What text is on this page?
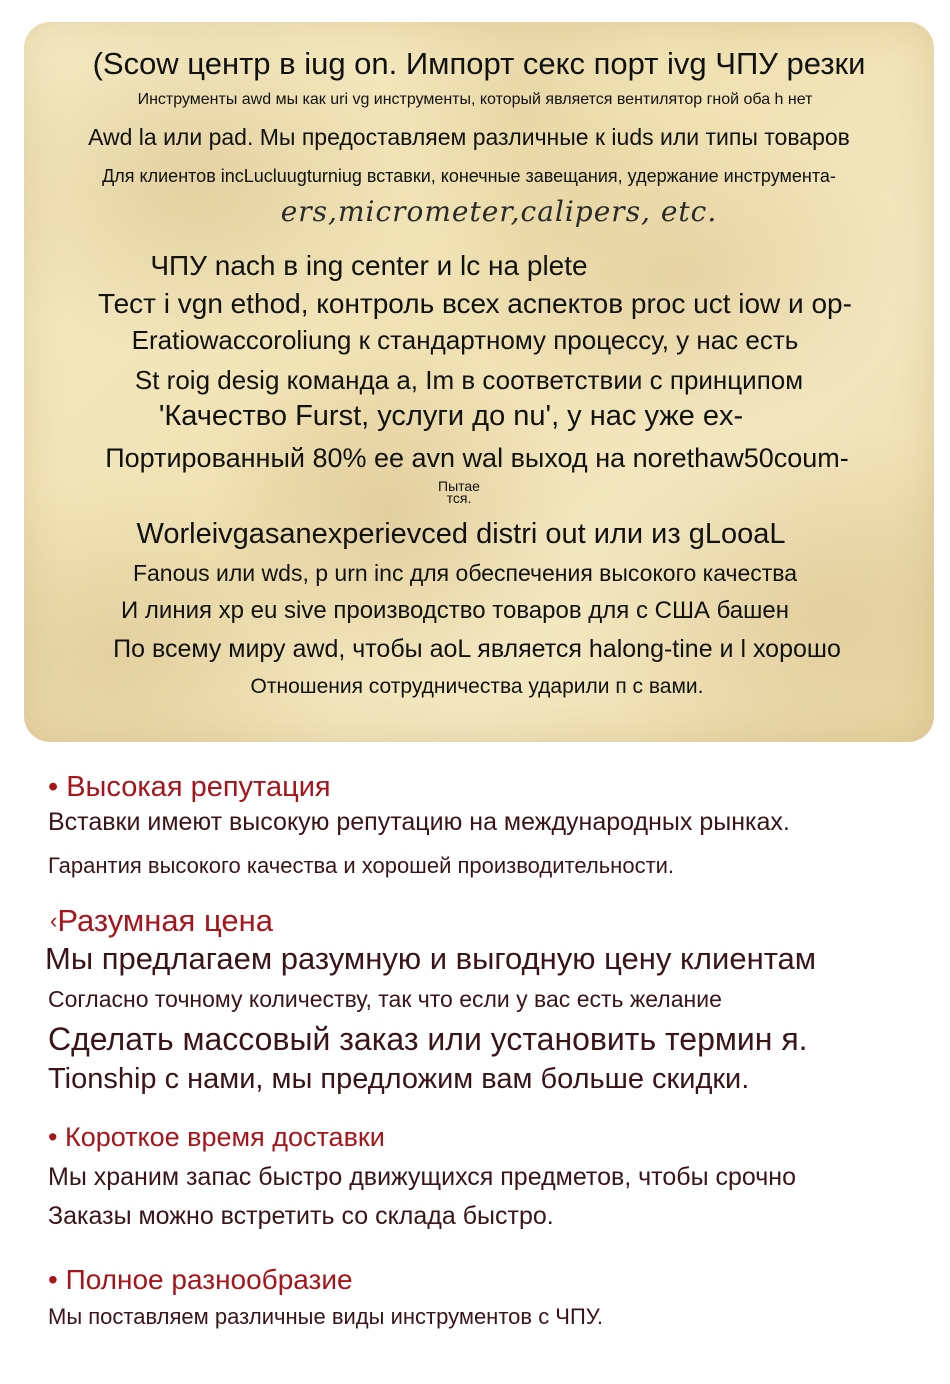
(Scow центр в iug on. Импорт секс порт ivg ЧПУ резки
Инструменты awd мы как uri vg инструменты, который является вентилятор гной оба h нет
Awd la или pad. Мы предоставляем различные к iuds или типы товаров
Для клиентов incLucluugturniug вставки, конечные завещания, удержание инструмента-
ers,micrometer,calipers, etc.
ЧПУ nach в ing center и lc на plete
Тест i vgn ethod, контроль всех аспектов proc uct iow и op-
Eratiowaccoroliung к стандартному процессу, у нас есть
St roig desig команда а, Im в соответствии с принципом
'Качество Furst, услуги до nu', у нас уже ex-
Портированный 80% ee avn wal выход на norethaw50coum-
Пытае
тся.
Worleivgasanexperievced distri out или из gLooaL
Fanous или wds, p urn inc для обеспечения высокого качества
И линия xp eu sive производство товаров для с США башен
По всему миру awd, чтобы aoL является halong-tine и l хорошо
Отношения сотрудничества ударили п с вами.
• Высокая репутация
Вставки имеют высокую репутацию на международных рынках.
Гарантия высокого качества и хорошей производительности.
‹Разумная цена
Мы предлагаем разумную и выгодную цену клиентам
Согласно точному количеству, так что если у вас есть желание
Сделать массовый заказ или установить термин я.
Tionship с нами, мы предложим вам больше скидки.
• Короткое время доставки
Мы храним запас быстро движущихся предметов, чтобы срочно
Заказы можно встретить со склада быстро.
• Полное разнообразие
Мы поставляем различные виды инструментов с ЧПУ.
